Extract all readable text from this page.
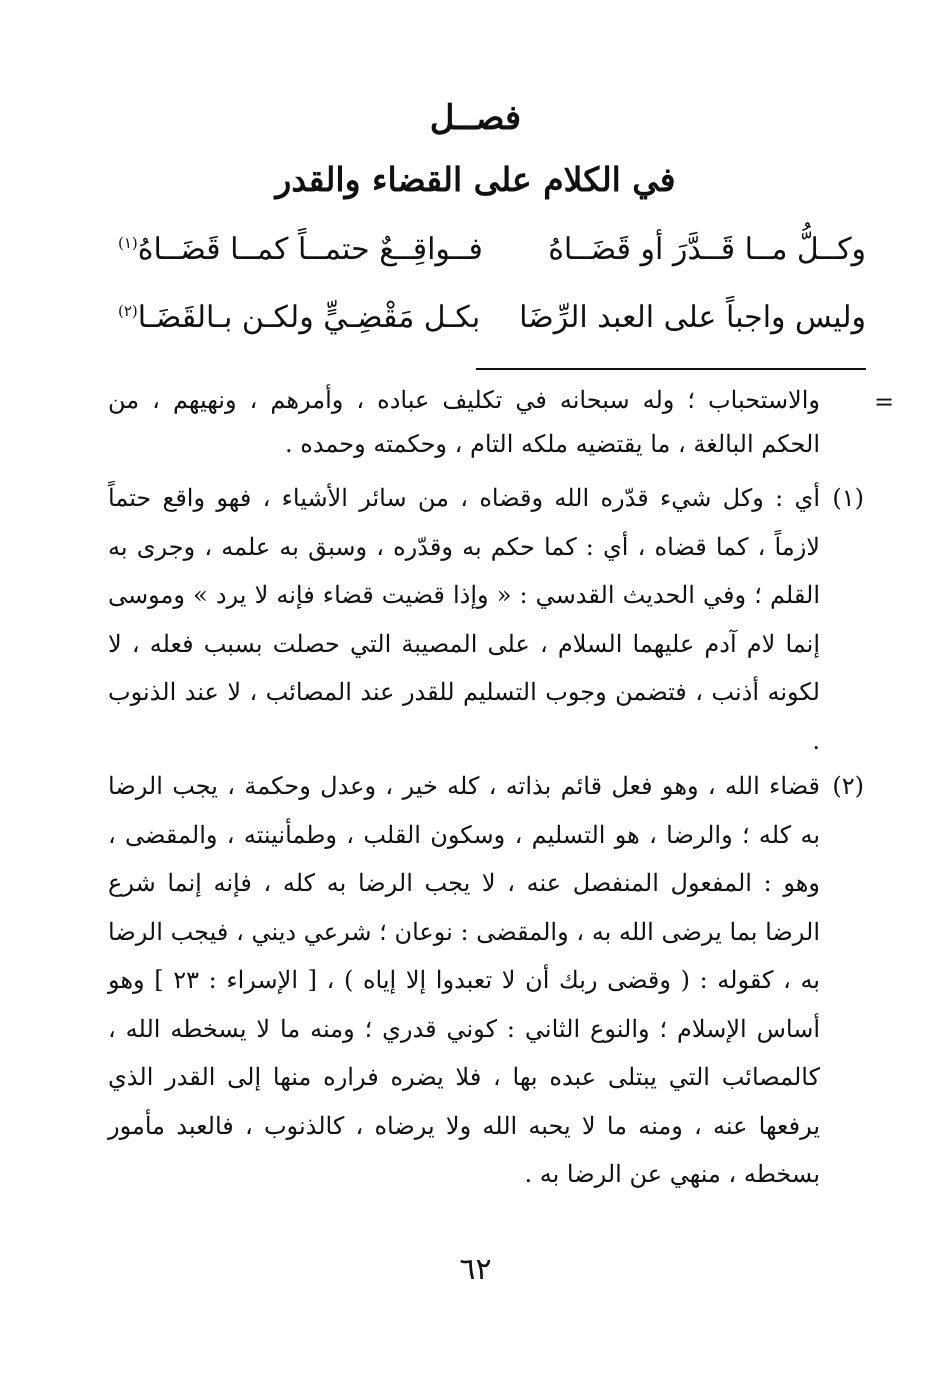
فصــل
في الكلام على القضاء والقدر
وكــلُّ مــا قَــدَّرَ أو قَضَــاهُ
فــواقِــعٌ حتمــاً كمــا قَضَــاهُ$^{(١)}$
وليس واجباً على العبد الرِّضَا
بكـل مَقْضِـيٍّ ولكـن بـالقَضَـا$^{(٢)}$
=

والاستحباب ؛ وله سبحانه في تكليف عباده ، وأمرهم ، ونهيهم ، من الحكم البالغة ، ما يقتضيه ملكه التام ، وحكمته وحمده .

(١)
أي : وكل شيء قدّره الله وقضاه ، من سائر الأشياء ، فهو واقع حتماً لازماً ، كما قضاه ، أي : كما حكم به وقدّره ، وسبق به علمه ، وجرى به القلم ؛ وفي الحديث القدسي : « وإذا قضيت قضاء فإنه لا يرد » وموسى إنما لام آدم عليهما السلام ، على المصيبة التي حصلت بسبب فعله ، لا لكونه أذنب ، فتضمن وجوب التسليم للقدر عند المصائب ، لا عند الذنوب .
(٢)
قضاء الله ، وهو فعل قائم بذاته ، كله خير ، وعدل وحكمة ، يجب الرضا به كله ؛ والرضا ، هو التسليم ، وسكون القلب ، وطمأنينته ، والمقضى ، وهو : المفعول المنفصل عنه ، لا يجب الرضا به كله ، فإنه إنما شرع الرضا بما يرضى الله به ، والمقضى : نوعان ؛ شرعي ديني ، فيجب الرضا به ، كقوله : ( وقضى ربك أن لا تعبدوا إلا إياه ) ، [ الإسراء : ٢٣ ] وهو أساس الإسلام ؛ والنوع الثاني : كوني قدري ؛ ومنه ما لا يسخطه الله ، كالمصائب التي يبتلى عبده بها ، فلا يضره فراره منها إلى القدر الذي يرفعها عنه ، ومنه ما لا يحبه الله ولا يرضاه ، كالذنوب ، فالعبد مأمور بسخطه ، منهي عن الرضا به .
٦٢
